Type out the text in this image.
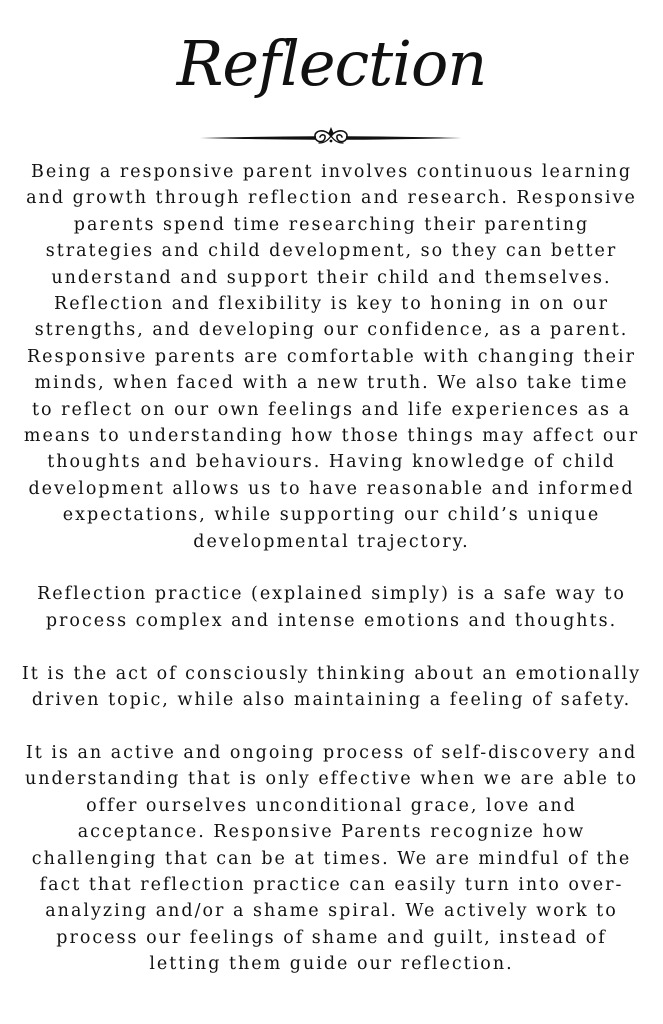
Reflection

Being a responsive parent involves continuous learning and growth through reflection and research. Responsive parents spend time researching their parenting strategies and child development, so they can better understand and support their child and themselves. Reflection and flexibility is key to honing in on our strengths, and developing our confidence, as a parent. Responsive parents are comfortable with changing their minds, when faced with a new truth. We also take time to reflect on our own feelings and life experiences as a means to understanding how those things may affect our thoughts and behaviours. Having knowledge of child development allows us to have reasonable and informed expectations, while supporting our child’s unique developmental trajectory.

Reflection practice (explained simply) is a safe way to process complex and intense emotions and thoughts.

It is the act of consciously thinking about an emotionally driven topic, while also maintaining a feeling of safety.

It is an active and ongoing process of self-discovery and understanding that is only effective when we are able to offer ourselves unconditional grace, love and acceptance. Responsive Parents recognize how challenging that can be at times. We are mindful of the fact that reflection practice can easily turn into over-analyzing and/or a shame spiral. We actively work to process our feelings of shame and guilt, instead of letting them guide our reflection.
